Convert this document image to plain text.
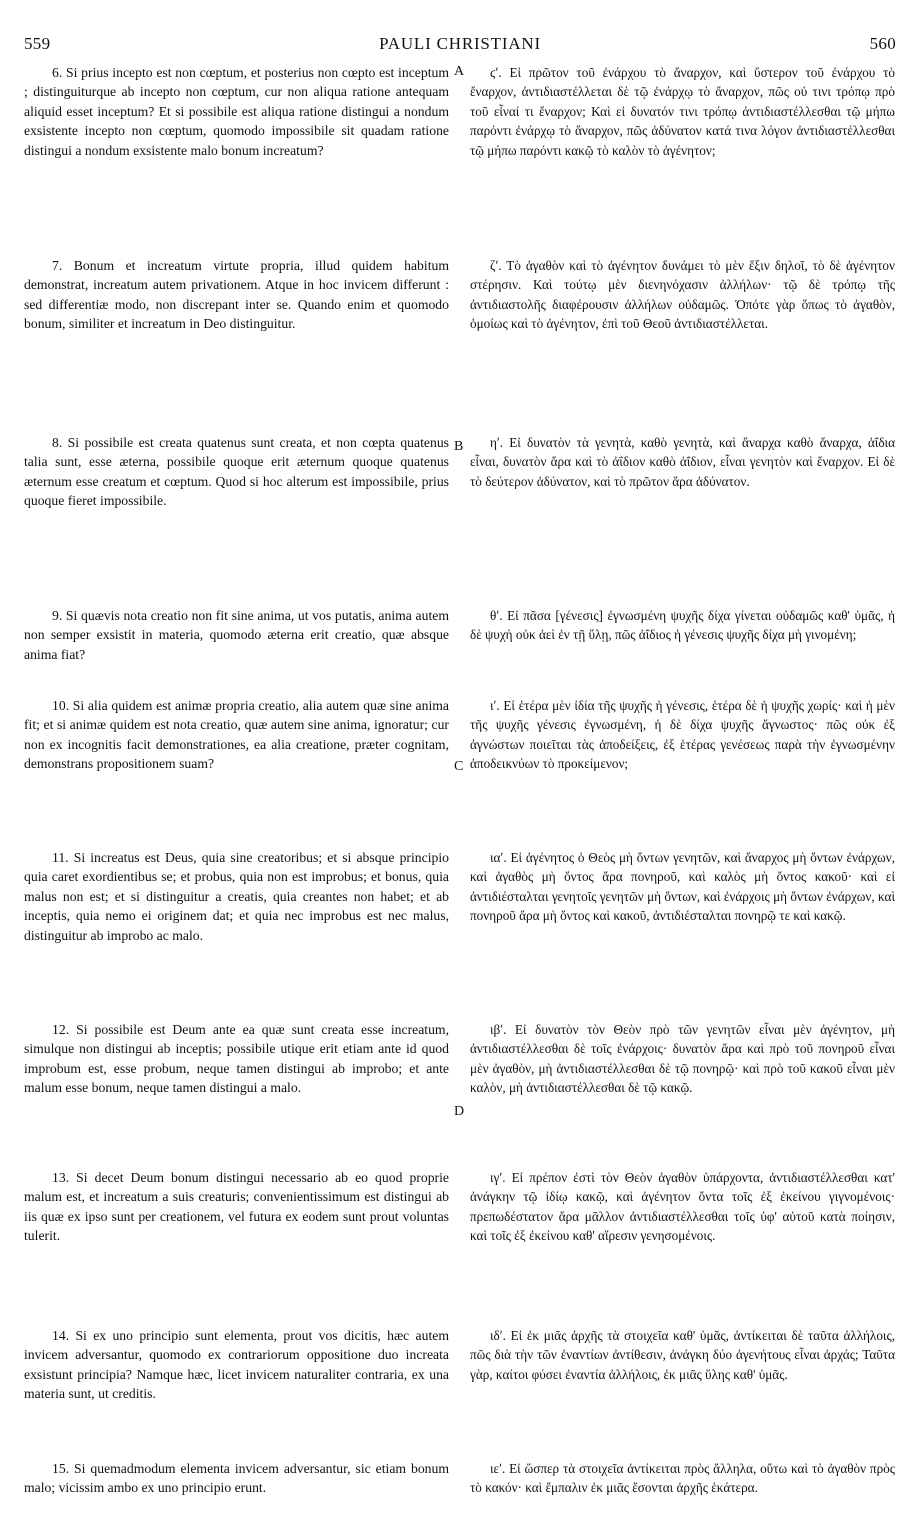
559	PAULI CHRISTIANI	560
A
B
C
D

6. Si prius incepto est non cœptum, et posterius non cœpto est inceptum ; distinguiturque ab incepto non cœptum, cur non aliqua ratione antequam aliquid esset inceptum? Et si possibile est aliqua ratione distingui a nondum exsistente incepto non cœptum, quomodo impossibile sit quadam ratione distingui a nondum exsistente malo bonum increatum?

7. Bonum et increatum virtute propria, illud quidem habitum demonstrat, increatum autem privationem. Atque in hoc invicem differunt : sed differentiæ modo, non discrepant inter se. Quando enim et quomodo bonum, similiter et increatum in Deo distinguitur.

8. Si possibile est creata quatenus sunt creata, et non cœpta quatenus talia sunt, esse æterna, possibile quoque erit æternum quoque quatenus æternum esse creatum et cœptum. Quod si hoc alterum est impossibile, prius quoque fieret impossibile.

9. Si quævis nota creatio non fit sine anima, ut vos putatis, anima autem non semper exsistit in materia, quomodo æterna erit creatio, quæ absque anima fiat?

10. Si alia quidem est animæ propria creatio, alia autem quæ sine anima fit; et si animæ quidem est nota creatio, quæ autem sine anima, ignoratur; cur non ex incognitis facit demonstrationes, ea alia creatione, præter cognitam, demonstrans propositionem suam?

11. Si increatus est Deus, quia sine creatoribus; et si absque principio quia caret exordientibus se; et probus, quia non est improbus; et bonus, quia malus non est; et si distinguitur a creatis, quia creantes non habet; et ab inceptis, quia nemo ei originem dat; et quia nec improbus est nec malus, distinguitur ab improbo ac malo.

12. Si possibile est Deum ante ea quæ sunt creata esse increatum, simulque non distingui ab inceptis; possibile utique erit etiam ante id quod improbum est, esse probum, neque tamen distingui ab improbo; et ante malum esse bonum, neque tamen distingui a malo.

13. Si decet Deum bonum distingui necessario ab eo quod proprie malum est, et increatum a suis creaturis; convenientissimum est distingui ab iis quæ ex ipso sunt per creationem, vel futura ex eodem sunt prout voluntas tulerit.

14. Si ex uno principio sunt elementa, prout vos dicitis, hæc autem invicem adversantur, quomodo ex contrariorum oppositione duo increata exsistunt principia? Namque hæc, licet invicem naturaliter contraria, ex una materia sunt, ut creditis.

15. Si quemadmodum elementa invicem adversantur, sic etiam bonum malo; vicissim ambo ex uno principio erunt.

ϛʹ. Εἰ πρῶτον τοῦ ἐνάρχου τὸ ἄναρχον, καὶ ὕστερον τοῦ ἐνάρχου τὸ ἔναρχον, ἀντιδιαστέλλεται δὲ τῷ ἐνάρχῳ τὸ ἄναρχον, πῶς οὐ τινι τρόπῳ πρὸ τοῦ εἶναί τι ἔναρχον; Καὶ εἰ δυνατόν τινι τρόπῳ ἀντιδιαστέλλεσθαι τῷ μήπω παρόντι ἐνάρχῳ τὸ ἄναρχον, πῶς ἀδύνατον κατά τινα λόγον ἀντιδιαστέλλεσθαι τῷ μήπω παρόντι κακῷ τὸ καλὸν τὸ ἀγένητον;

ζʹ. Τὸ ἀγαθὸν καὶ τὸ ἀγένητον δυνάμει τὸ μὲν ἕξιν δηλοῖ, τὸ δὲ ἀγένητον στέρησιν. Καὶ τούτῳ μὲν διενηνόχασιν ἀλλήλων· τῷ δὲ τρόπῳ τῆς ἀντιδιαστολῆς διαφέρουσιν ἀλλήλων οὐδαμῶς. Ὁπότε γὰρ ὅπως τὸ ἀγαθὸν, ὁμοίως καὶ τὸ ἀγένητον, ἐπὶ τοῦ Θεοῦ ἀντιδιαστέλλεται.

ηʹ. Εἰ δυνατὸν τὰ γενητὰ, καθὸ γενητὰ, καὶ ἄναρχα καθὸ ἄναρχα, ἀΐδια εἶναι, δυνατὸν ἄρα καὶ τὸ ἀΐδιον καθὸ ἀΐδιον, εἶναι γενητὸν καὶ ἔναρχον. Εἰ δὲ τὸ δεύτερον ἀδύνατον, καὶ τὸ πρῶτον ἄρα ἀδύνατον.

θʹ. Εἰ πᾶσα [γένεσις] ἐγνωσμένη ψυχῆς δίχα γίνεται οὐδαμῶς καθ' ὑμᾶς, ἡ δὲ ψυχὴ οὐκ ἀεὶ ἐν τῇ ὕλῃ, πῶς ἀΐδιος ἡ γένεσις ψυχῆς δίχα μὴ γινομένη;

ιʹ. Εἰ ἑτέρα μὲν ἰδία τῆς ψυχῆς ἡ γένεσις, ἑτέρα δὲ ἡ ψυχῆς χωρίς· καὶ ἡ μὲν τῆς ψυχῆς γένεσις ἐγνωσμένη, ἡ δὲ δίχα ψυχῆς ἄγνωστος· πῶς οὐκ ἐξ ἀγνώστων ποιεῖται τὰς ἀποδείξεις, ἐξ ἑτέρας γενέσεως παρὰ τὴν ἐγνωσμένην ἀποδεικνύων τὸ προκείμενον;

ιαʹ. Εἰ ἀγένητος ὁ Θεὸς μὴ ὄντων γενητῶν, καὶ ἄναρχος μὴ ὄντων ἐνάρχων, καὶ ἀγαθὸς μὴ ὄντος ἄρα πονηροῦ, καὶ καλὸς μὴ ὄντος κακοῦ· καὶ εἰ ἀντιδιέσταλται γενητοῖς γενητῶν μὴ ὄντων, καὶ ἐνάρχοις μὴ ὄντων ἐνάρχων, καὶ πονηροῦ ἄρα μὴ ὄντος καὶ κακοῦ, ἀντιδιέσταλται πονηρῷ τε καὶ κακῷ.

ιβʹ. Εἰ δυνατὸν τὸν Θεὸν πρὸ τῶν γενητῶν εἶναι μὲν ἀγένητον, μὴ ἀντιδιαστέλλεσθαι δὲ τοῖς ἐνάρχοις· δυνατὸν ἄρα καὶ πρὸ τοῦ πονηροῦ εἶναι μὲν ἀγαθὸν, μὴ ἀντιδιαστέλλεσθαι δὲ τῷ πονηρῷ· καὶ πρὸ τοῦ κακοῦ εἶναι μὲν καλὸν, μὴ ἀντιδιαστέλλεσθαι δὲ τῷ κακῷ.

ιγʹ. Εἰ πρέπον ἐστὶ τὸν Θεὸν ἀγαθὸν ὑπάρχοντα, ἀντιδιαστέλλεσθαι κατ' ἀνάγκην τῷ ἰδίῳ κακῷ, καὶ ἀγένητον ὄντα τοῖς ἐξ ἐκείνου γιγνομένοις· πρεπωδέστατον ἄρα μᾶλλον ἀντιδιαστέλλεσθαι τοῖς ὑφ' αὐτοῦ κατὰ ποίησιν, καὶ τοῖς ἐξ ἐκείνου καθ' αἵρεσιν γενησομένοις.

ιδʹ. Εἰ ἐκ μιᾶς ἀρχῆς τὰ στοιχεῖα καθ' ὑμᾶς, ἀντίκειται δὲ ταῦτα ἀλλήλοις, πῶς διὰ τὴν τῶν ἐναντίων ἀντίθεσιν, ἀνάγκη δύο ἀγενήτους εἶναι ἀρχάς; Ταῦτα γὰρ, καίτοι φύσει ἐναντία ἀλλήλοις, ἐκ μιᾶς ὕλης καθ' ὑμᾶς.

ιεʹ. Εἰ ὥσπερ τὰ στοιχεῖα ἀντίκειται πρὸς ἄλληλα, οὕτω καὶ τὸ ἀγαθὸν πρὸς τὸ κακόν· καὶ ἔμπαλιν ἐκ μιᾶς ἔσονται ἀρχῆς ἑκάτερα.
